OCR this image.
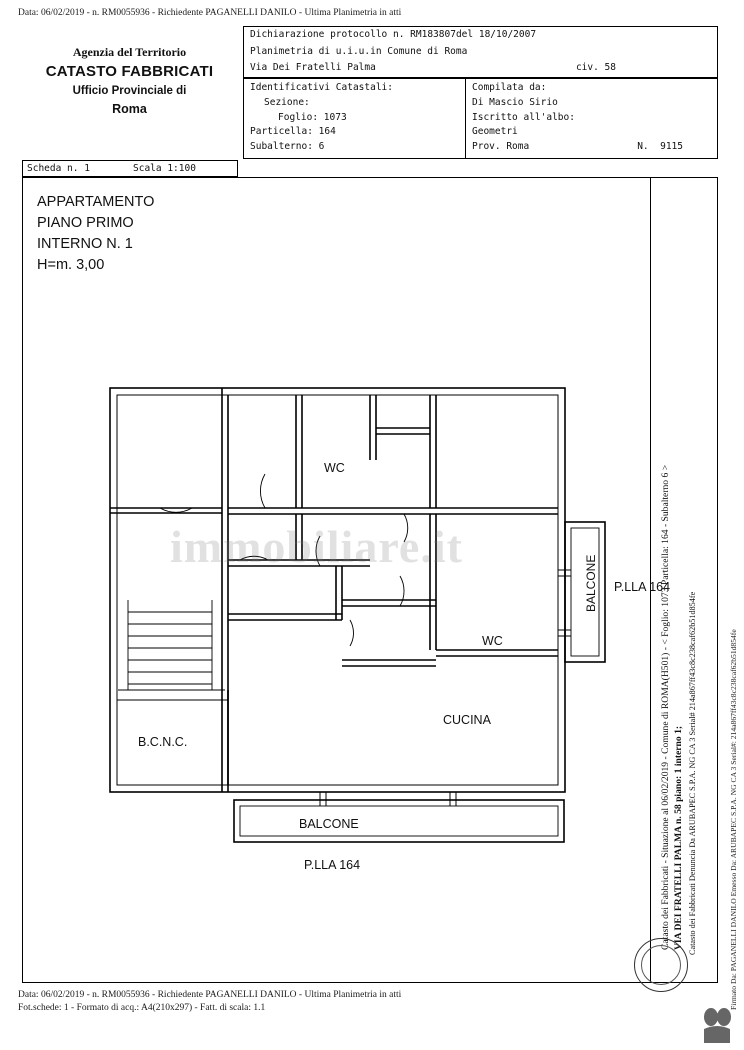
Data: 06/02/2019 - n. RM0055936 - Richiedente PAGANELLI DANILO - Ultima Planimetria in atti
Agenzia del Territorio
CATASTO FABBRICATI
Ufficio Provinciale di
Roma
Dichiarazione protocollo n. RM183807del 18/10/2007
Planimetria di u.i.u.in Comune di Roma
Via Dei Fratelli Palma	civ. 58
Identificativi Catastali:
Sezione:
Foglio: 1073
Particella: 164
Subalterno: 6
Compilata da:
Di Mascio Sirio
Iscritto all'albo:
Geometri
Prov. Roma	N. 9115
Scheda n. 1	Scala 1:100
APPARTAMENTO
PIANO PRIMO
INTERNO N. 1
H=m. 3,00
WC
WC
CUCINA
B.C.N.C.
BALCONE
BALCONE P.LLA 164
P.LLA 164
immobiliare.it	Catasto dei Fabbricati - Situazione al 06/02/2019 - Comune di ROMA(H501) - < Foglio: 1073 Particella: 164 - Subalterno 6 > VIA DEI FRATELLI PALMA n. 58 piano: 1 interno 1; Catasto dei Fabbricati Denuncia Da ARUBAPEC S.P.A. NG CA 3 Serial# 214a867ff43c8c238caf62b51d854fe	Firmato Da: PAGANELLI DANILO Emesso Da: ARUBAPEC S.P.A. NG CA 3 Serial#: 214a867ff43c8c238caf62b51d854fe
Data: 06/02/2019 - n. RM0055936 - Richiedente PAGANELLI DANILO - Ultima Planimetria in atti
Fot.schede: 1 - Formato di acq.: A4(210x297) - Fatt. di scala: 1.1
